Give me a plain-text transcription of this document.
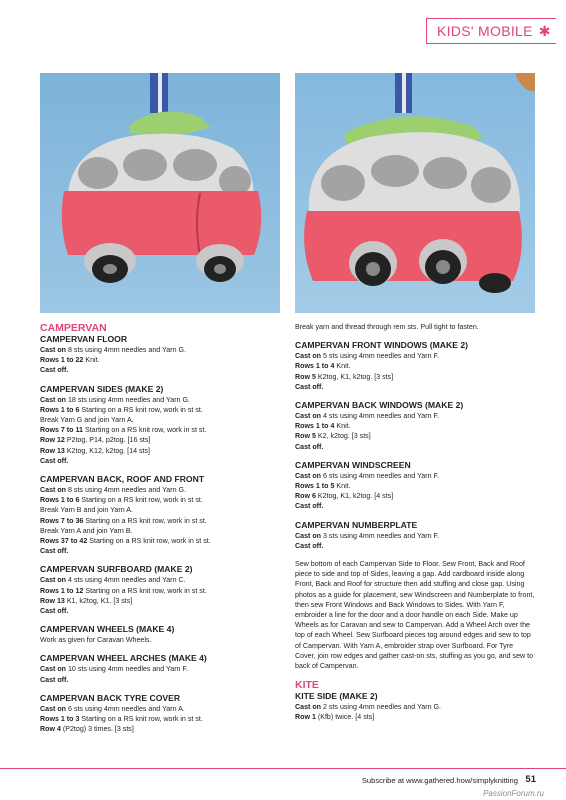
KIDS' MOBILE ✱
CAMPERVAN
CAMPERVAN FLOOR
Cast on 8 sts using 4mm needles and Yarn G.
Rows 1 to 22 Knit.
Cast off.
CAMPERVAN SIDES (MAKE 2)
Cast on 18 sts using 4mm needles and Yarn G.
Rows 1 to 6 Starting on a RS knit row, work in st st.
Break Yarn G and join Yarn A.
Rows 7 to 11 Starting on a RS knit row, work in st st.
Row 12 P2tog, P14, p2tog. [16 sts]
Row 13 K2tog, K12, k2tog. [14 sts]
Cast off.
CAMPERVAN BACK, ROOF AND FRONT
Cast on 8 sts using 4mm needles and Yarn G.
Rows 1 to 6 Starting on a RS knit row, work in st st.
Break Yarn B and join Yarn A.
Rows 7 to 36 Starting on a RS knit row, work in st st.
Break Yarn A and join Yarn B.
Rows 37 to 42 Starting on a RS knit row, work in st st.
Cast off.
CAMPERVAN SURFBOARD (MAKE 2)
Cast on 4 sts using 4mm needles and Yarn C.
Rows 1 to 12 Starting on a RS knit row, work in st st.
Row 13 K1, k2tog, K1. [3 sts]
Cast off.
CAMPERVAN WHEELS (MAKE 4)
Work as given for Caravan Wheels.
CAMPERVAN WHEEL ARCHES (MAKE 4)
Cast on 10 sts using 4mm needles and Yarn F.
Cast off.
CAMPERVAN BACK TYRE COVER
Cast on 6 sts using 4mm needles and Yarn A.
Rows 1 to 3 Starting on a RS knit row, work in st st.
Row 4 (P2tog) 3 times. [3 sts]
Break yarn and thread through rem sts. Pull tight to fasten.
CAMPERVAN FRONT WINDOWS (MAKE 2)
Cast on 5 sts using 4mm needles and Yarn F.
Rows 1 to 4 Knit.
Row 5 K2tog, K1, k2tog. [3 sts]
Cast off.
CAMPERVAN BACK WINDOWS (MAKE 2)
Cast on 4 sts using 4mm needles and Yarn F.
Rows 1 to 4 Knit.
Row 5 K2, k2tog. [3 sts]
Cast off.
CAMPERVAN WINDSCREEN
Cast on 6 sts using 4mm needles and Yarn F.
Rows 1 to 5 Knit.
Row 6 K2tog, K1, k2tog. [4 sts]
Cast off.
CAMPERVAN NUMBERPLATE
Cast on 3 sts using 4mm needles and Yarn F.
Cast off.
Sew bottom of each Campervan Side to Floor. Sew Front, Back and Roof piece to side and top of Sides, leaving a gap. Add cardboard inside along Front, Back and Roof for structure then add stuffing and close gap. Using photos as a guide for placement, sew Windscreen and Numberplate to front, then sew Front Windows and Back Windows to Sides. With Yarn F, embroider a line for the door and a door handle on each Side. Make up Wheels as for Caravan and sew to Campervan. Add a Wheel Arch over the top of each Wheel. Sew Surfboard pieces tog around edges and sew to top of Campervan. With Yarn A, embroider strap over Surfboard. For Tyre Cover, join row edges and gather cast-on sts, stuffing as you go, and sew to back of Campervan.
KITE
KITE SIDE (MAKE 2)
Cast on 2 sts using 4mm needles and Yarn G.
Row 1 (Kfb) twice. [4 sts]
Subscribe at www.gathered.how/simplyknitting 51
PassionForum.ru
